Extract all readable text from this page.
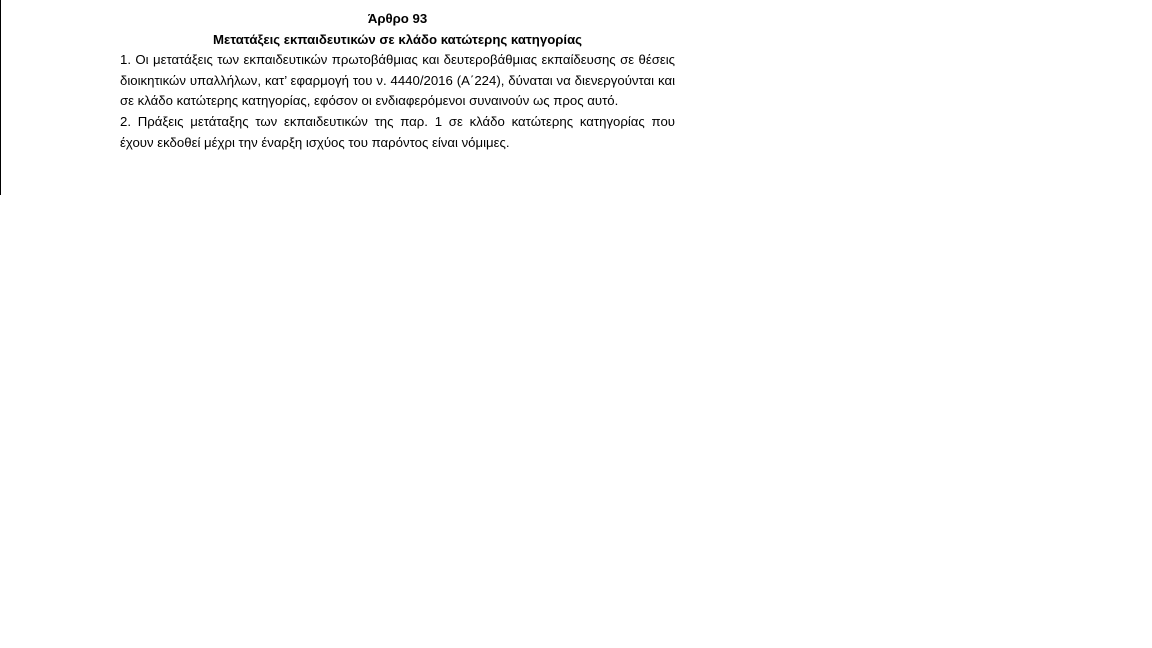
Άρθρο 93

Μετατάξεις εκπαιδευτικών σε κλάδο κατώτερης κατηγορίας

1. Οι μετατάξεις των εκπαιδευτικών πρωτοβάθμιας και δευτεροβάθμιας εκπαίδευσης σε θέσεις διοικητικών υπαλλήλων, κατ’ εφαρμογή του ν. 4440/2016 (Α΄224), δύναται να διενεργούνται και σε κλάδο κατώτερης κατηγορίας, εφόσον οι ενδιαφερόμενοι συναινούν ως προς αυτό.

2. Πράξεις μετάταξης των εκπαιδευτικών της παρ. 1 σε κλάδο κατώτερης κατηγορίας που έχουν εκδοθεί μέχρι την έναρξη ισχύος του παρόντος είναι νόμιμες.
